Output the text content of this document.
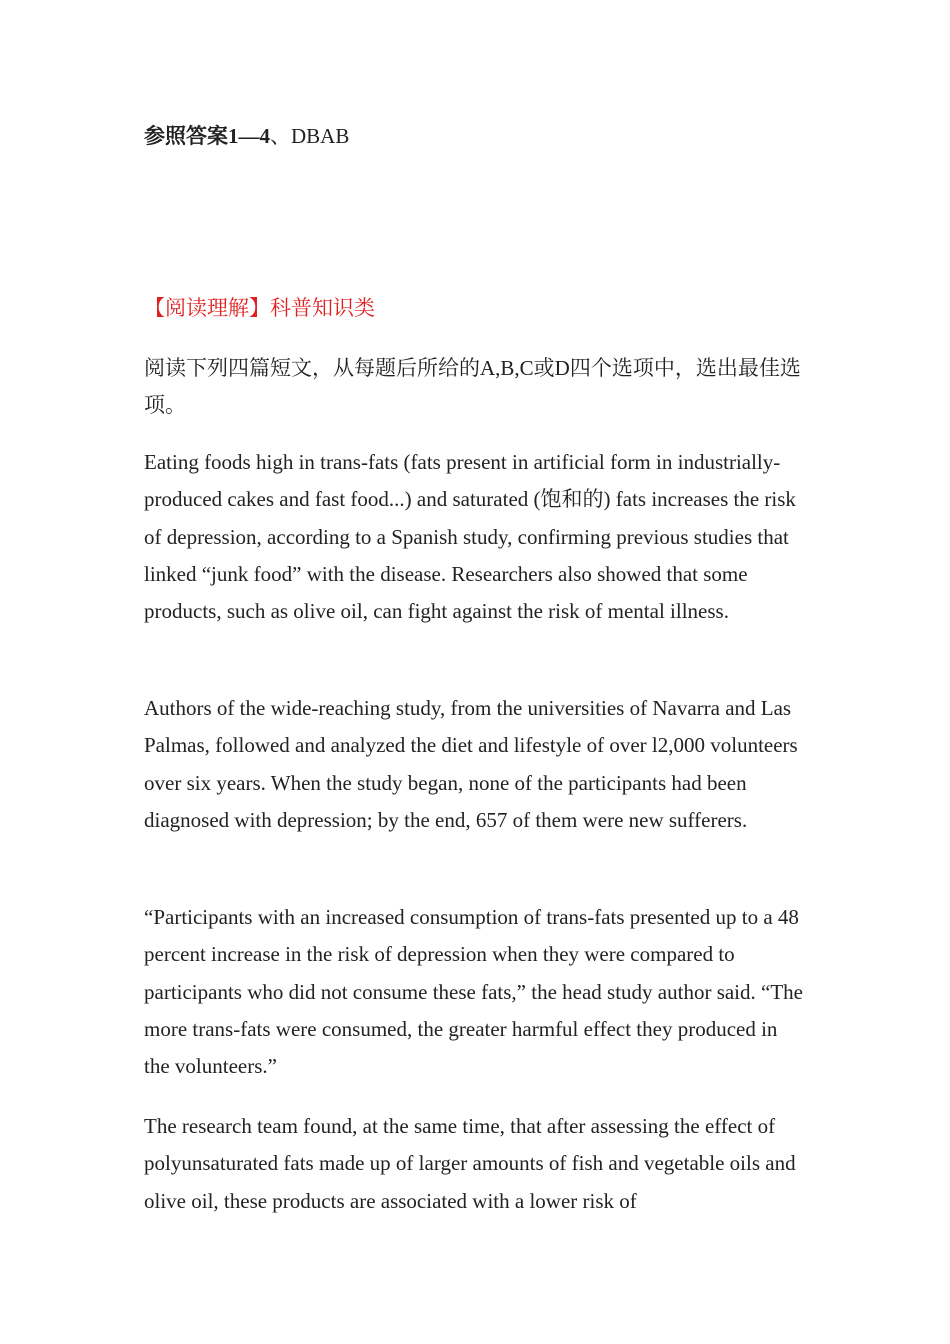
参照答案1—4、DBAB
【阅读理解】科普知识类
阅读下列四篇短文，从每题后所给的A,B,C或D四个选项中，选出最佳选项。

Eating foods high in trans-fats (fats present in artificial form in industrially-produced cakes and fast food...) and saturated (饱和的) fats increases the risk of depression, according to a Spanish study, confirming previous studies that linked “junk food” with the disease. Researchers also showed that some products, such as olive oil, can fight against the risk of mental illness.

Authors of the wide-reaching study, from the universities of Navarra and Las Palmas, followed and analyzed the diet and lifestyle of over l2,000 volunteers over six years. When the study began, none of the participants had been diagnosed with depression; by the end, 657 of them were new sufferers.

“Participants with an increased consumption of trans-fats presented up to a 48 percent increase in the risk of depression when they were compared to participants who did not consume these fats,” the head study author said. “The more trans-fats were consumed, the greater harmful effect they produced in the volunteers.”

The research team found, at the same time, that after assessing the effect of polyunsaturated fats made up of larger amounts of fish and vegetable oils and olive oil, these products are associated with a lower risk of
